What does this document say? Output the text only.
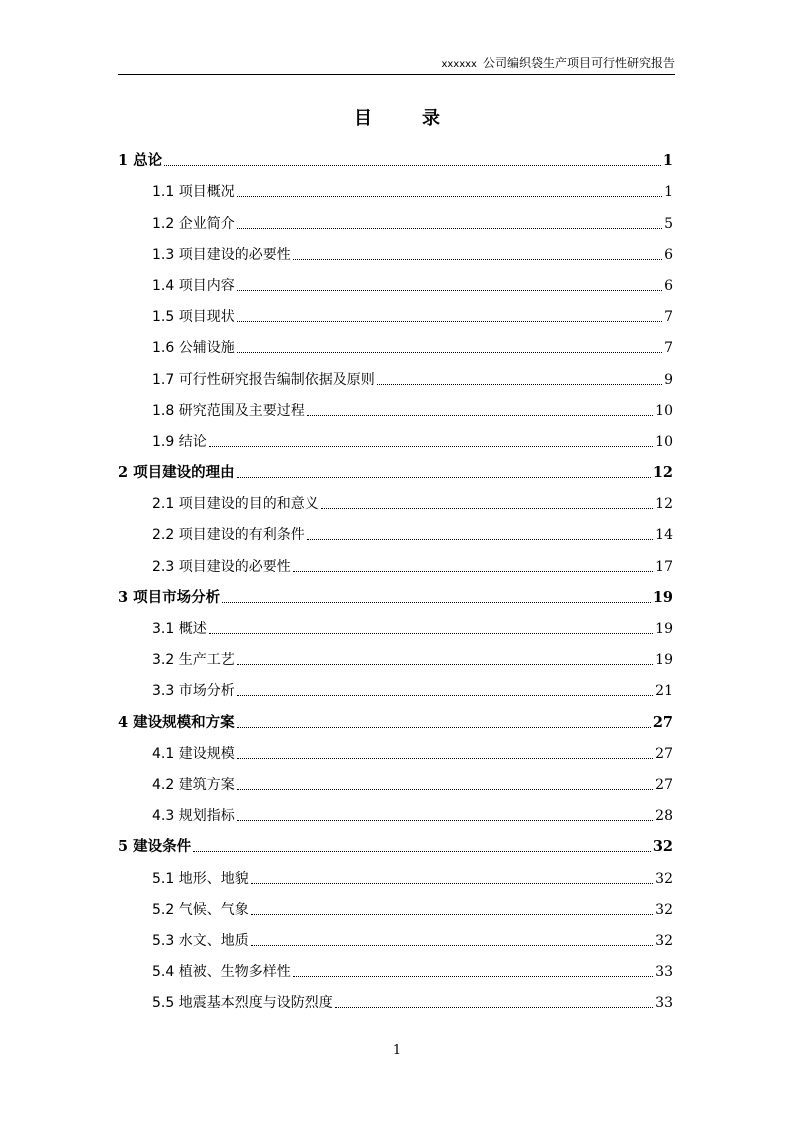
xxxxxx 公司编织袋生产项目可行性研究报告
目录
1 总论	1
1.1 项目概况	1
1.2 企业简介	5
1.3 项目建设的必要性	6
1.4 项目内容	6
1.5 项目现状	7
1.6 公辅设施	7
1.7 可行性研究报告编制依据及原则	9
1.8 研究范围及主要过程	10
1.9 结论	10
2 项目建设的理由	12
2.1 项目建设的目的和意义	12
2.2 项目建设的有利条件	14
2.3 项目建设的必要性	17
3 项目市场分析	19
3.1 概述	19
3.2 生产工艺	19
3.3 市场分析	21
4 建设规模和方案	27
4.1 建设规模	27
4.2 建筑方案	27
4.3 规划指标	28
5 建设条件	32
5.1 地形、地貌	32
5.2 气候、气象	32
5.3 水文、地质	32
5.4 植被、生物多样性	33
5.5 地震基本烈度与设防烈度	33
1
